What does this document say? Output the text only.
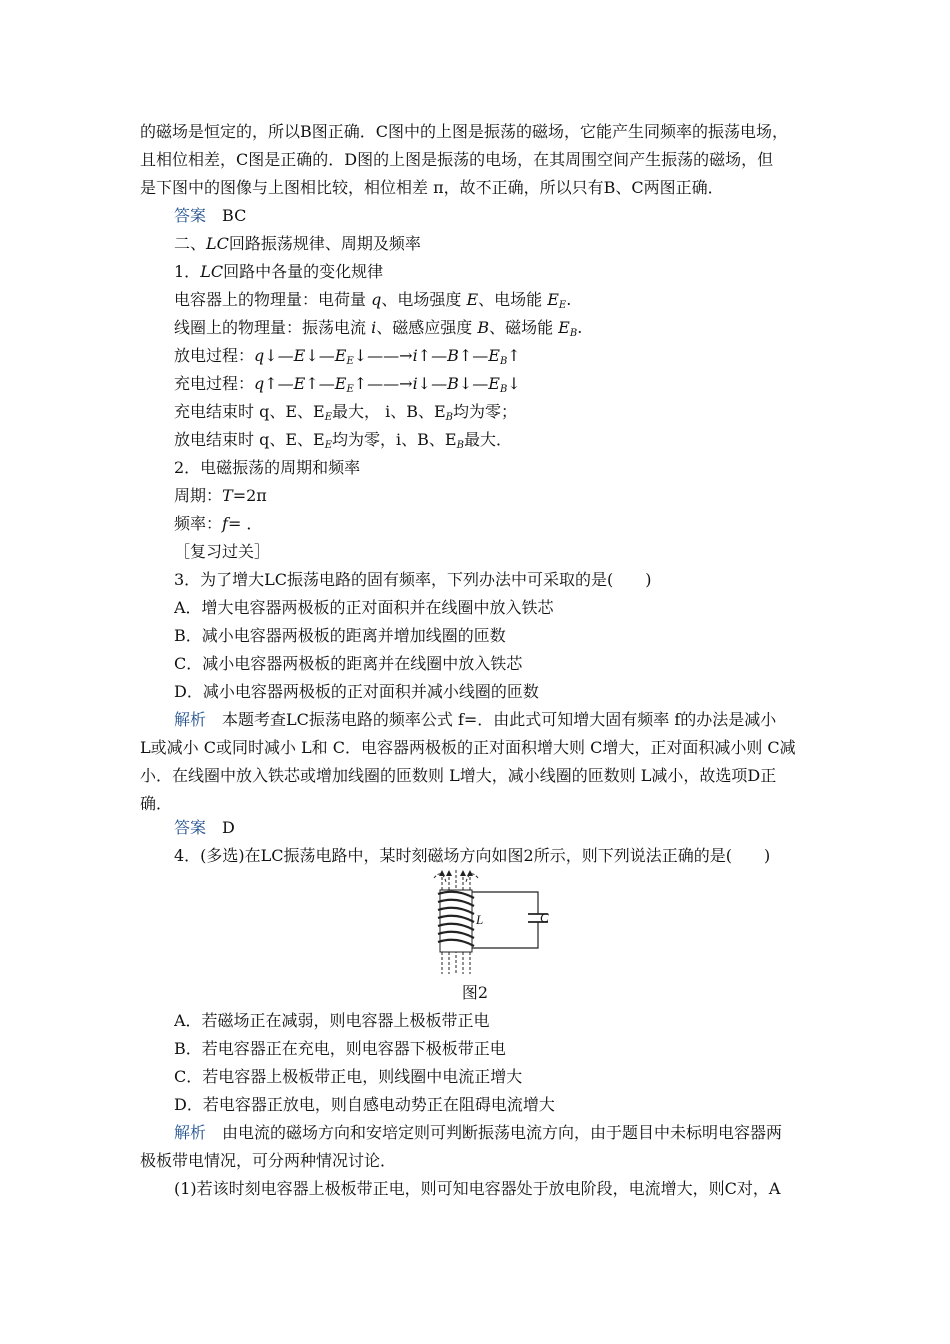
的磁场是恒定的，所以B图正确．C图中的上图是振荡的磁场，它能产生同频率的振荡电场，
且相位相差，C图是正确的．D图的上图是振荡的电场，在其周围空间产生振荡的磁场，但
是下图中的图像与上图相比较，相位相差 π，故不正确，所以只有B、C两图正确．
答案　 BC
二、LC回路振荡规律、周期及频率
1．LC回路中各量的变化规律
电容器上的物理量：电荷量 q、电场强度 E、电场能 $E_E$.
线圈上的物理量：振荡电流 i、磁感应强度 B、磁场能 $E_B$.
放电过程：$q↓—E↓—E_E↓——\to i↑—B↑—E_B↑$
充电过程：$q↑—E↑—E_E↑——\to i↓—B↓—E_B↓$
充电结束时 q、E、$E_E$最大， i、B、$E_B$均为零；
放电结束时 q、E、$E_E$均为零，i、B、$E_B$最大．
2．电磁振荡的周期和频率
周期：T=2π
频率：f= ．
［复习过关］
3．为了增大LC振荡电路的固有频率，下列办法中可采取的是(　　)
A．增大电容器两极板的正对面积并在线圈中放入铁芯
B．减小电容器两极板的距离并增加线圈的匝数
C．减小电容器两极板的距离并在线圈中放入铁芯
D．减小电容器两极板的正对面积并减小线圈的匝数
解析　本题考查LC振荡电路的频率公式 f=．由此式可知增大固有频率 f的办法是减小
L或减小 C或同时减小 L和 C．电容器两极板的正对面积增大则 C增大，正对面积减小则 C减
小．在线圈中放入铁芯或增加线圈的匝数则 L增大，减小线圈的匝数则 L减小，故选项D正
确．
答案　 D
4．(多选)在LC振荡电路中，某时刻磁场方向如图2所示，则下列说法正确的是(　　)
L	C
图2
A．若磁场正在减弱，则电容器上极板带正电
B．若电容器正在充电，则电容器下极板带正电
C．若电容器上极板带正电，则线圈中电流正增大
D．若电容器正放电，则自感电动势正在阻碍电流增大
解析　由电流的磁场方向和安培定则可判断振荡电流方向，由于题目中未标明电容器两
极板带电情况，可分两种情况讨论．
(1)若该时刻电容器上极板带正电，则可知电容器处于放电阶段，电流增大，则C对，A
